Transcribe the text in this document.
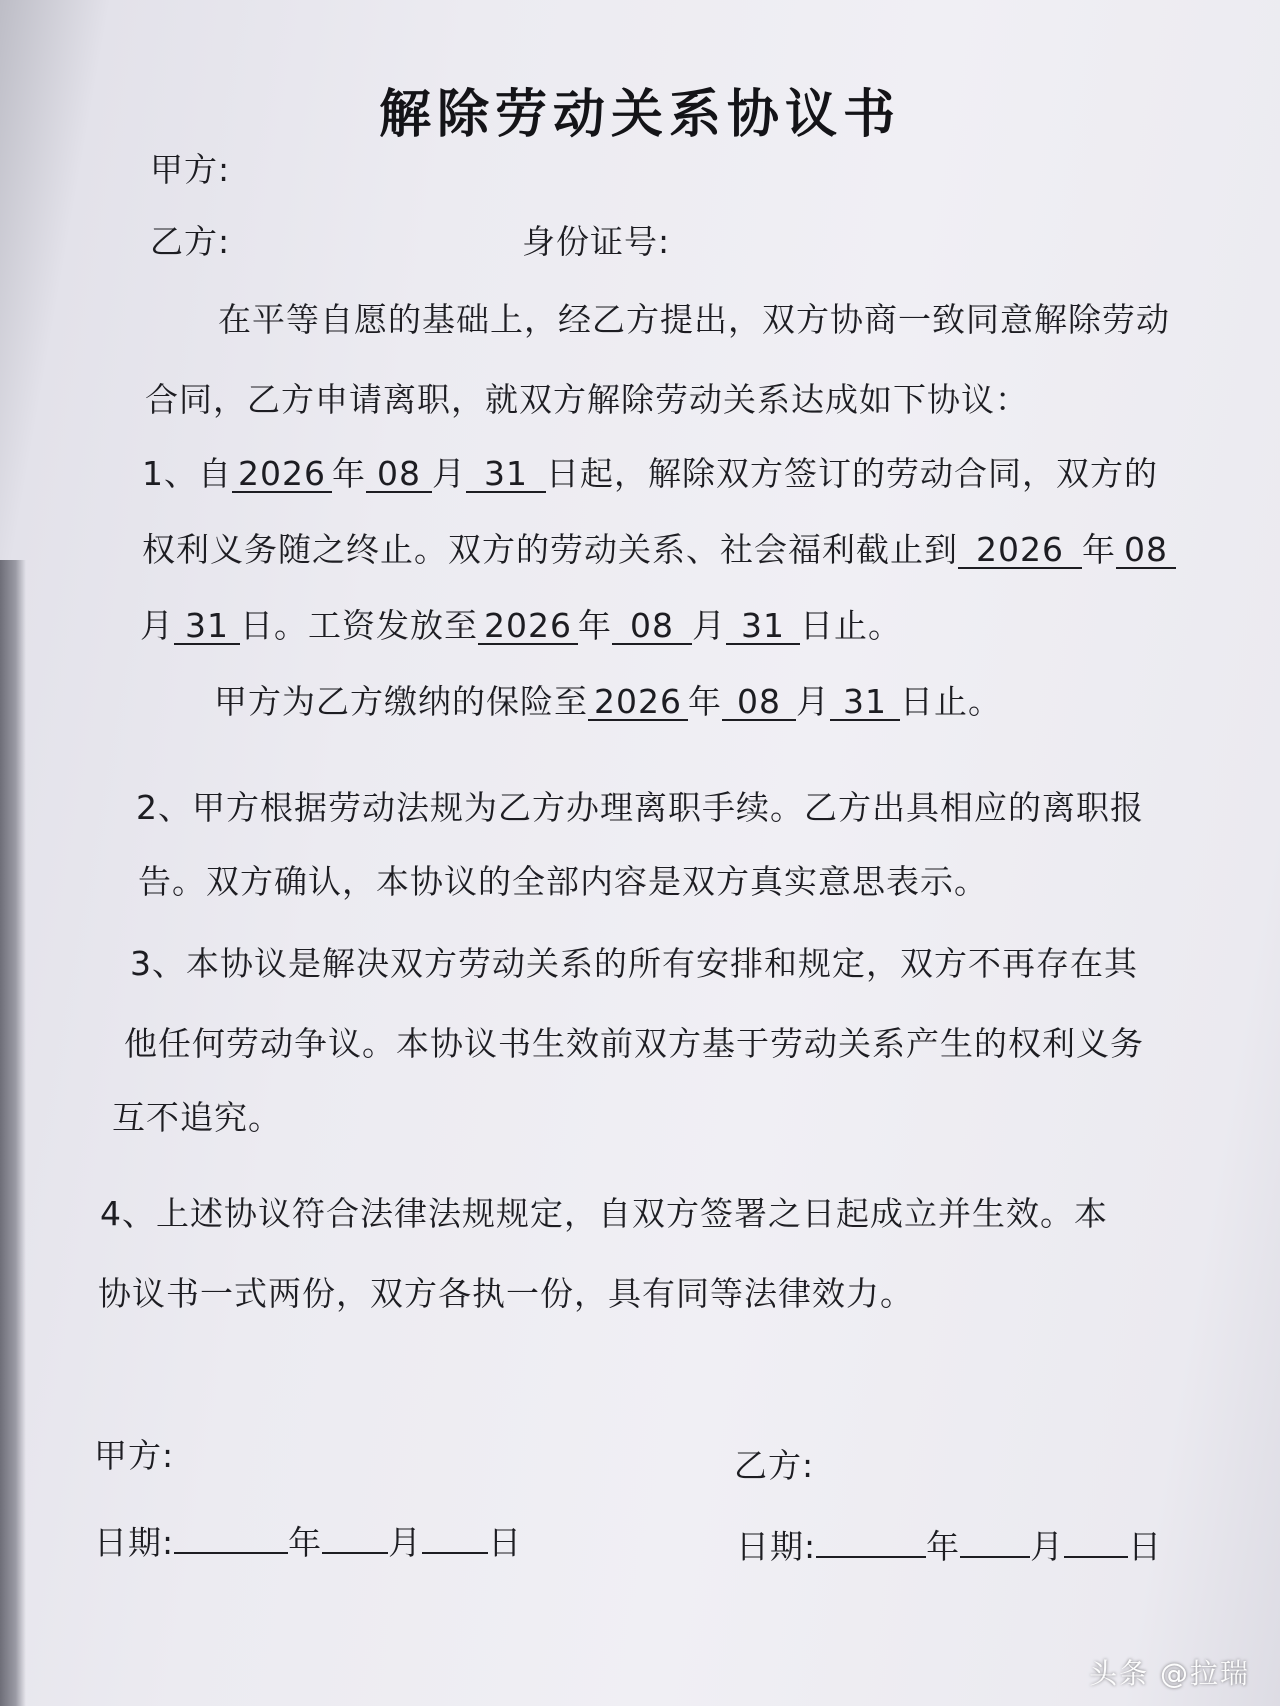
解除劳动关系协议书
甲方:
乙方:	身份证号:
在平等自愿的基础上，经乙方提出，双方协商一致同意解除劳动
合同，乙方申请离职，就双方解除劳动关系达成如下协议：
1、自 2026 年 08 月 31 日起，解除双方签订的劳动合同，双方的
权利义务随之终止。双方的劳动关系、社会福利截止到 2026 年 08
月 31 日。工资发放至 2026 年 08 月 31 日止。
甲方为乙方缴纳的保险至 2026 年 08 月 31 日止。
2、甲方根据劳动法规为乙方办理离职手续。乙方出具相应的离职报
告。双方确认，本协议的全部内容是双方真实意思表示。
3、本协议是解决双方劳动关系的所有安排和规定，双方不再存在其
他任何劳动争议。本协议书生效前双方基于劳动关系产生的权利义务
互不追究。
4、上述协议符合法律法规规定，自双方签署之日起成立并生效。本
协议书一式两份，双方各执一份，具有同等法律效力。
甲方:	乙方:
日期:	年 月 日	日期:	年 月 日
头条 @拉瑞
